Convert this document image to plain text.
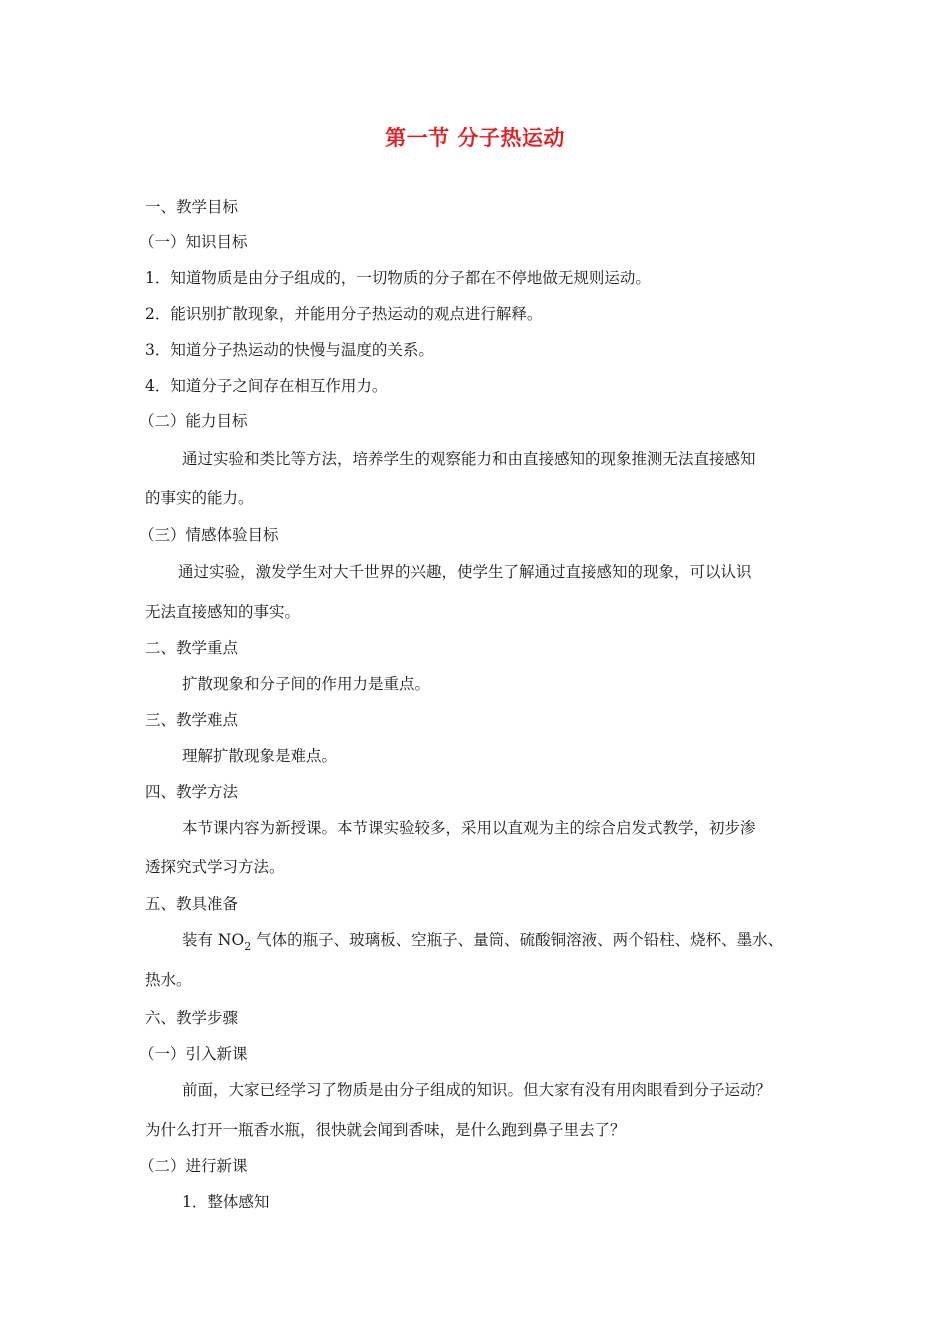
第一节 分子热运动
一、教学目标
（一）知识目标
1．知道物质是由分子组成的，一切物质的分子都在不停地做无规则运动。
2．能识别扩散现象，并能用分子热运动的观点进行解释。
3．知道分子热运动的快慢与温度的关系。
4．知道分子之间存在相互作用力。
（二）能力目标
通过实验和类比等方法，培养学生的观察能力和由直接感知的现象推测无法直接感知
的事实的能力。
（三）情感体验目标
通过实验，激发学生对大千世界的兴趣，使学生了解通过直接感知的现象，可以认识
无法直接感知的事实。
二、教学重点
扩散现象和分子间的作用力是重点。
三、教学难点
理解扩散现象是难点。
四、教学方法
本节课内容为新授课。本节课实验较多，采用以直观为主的综合启发式教学，初步渗
透探究式学习方法。
五、教具准备
装有 $NO_2$ 气体的瓶子、玻璃板、空瓶子、量筒、硫酸铜溶液、两个铅柱、烧杯、墨水、
热水。
六、教学步骤
（一）引入新课
前面，大家已经学习了物质是由分子组成的知识。但大家有没有用肉眼看到分子运动？
为什么打开一瓶香水瓶，很快就会闻到香味，是什么跑到鼻子里去了？
（二）进行新课
1．整体感知
